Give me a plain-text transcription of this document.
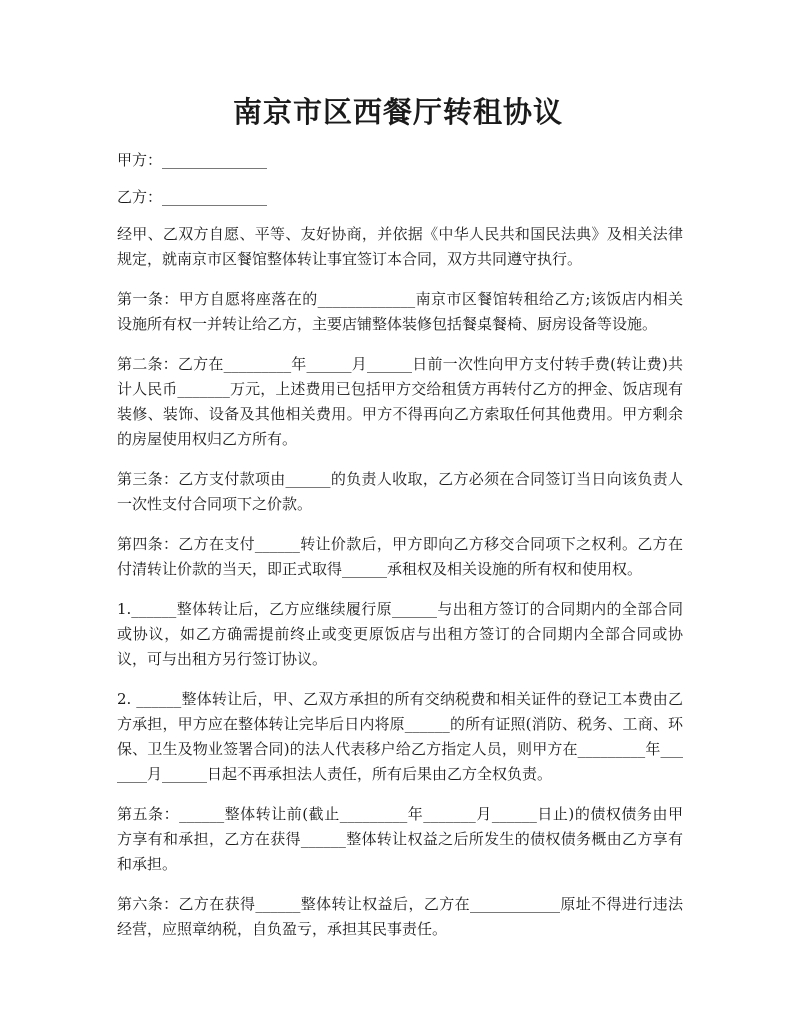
南京市区西餐厅转租协议

甲方：______________

乙方：______________

经甲、乙双方自愿、平等、友好协商，并依据《中华人民共和国民法典》及相关法律规定，就南京市区餐馆整体转让事宜签订本合同，双方共同遵守执行。

第一条：甲方自愿将座落在的_____________南京市区餐馆转租给乙方;该饭店内相关设施所有权一并转让给乙方，主要店铺整体装修包括餐桌餐椅、厨房设备等设施。

第二条：乙方在_________年______月______日前一次性向甲方支付转手费(转让费)共计人民币_______万元，上述费用已包括甲方交给租赁方再转付乙方的押金、饭店现有装修、装饰、设备及其他相关费用。甲方不得再向乙方索取任何其他费用。甲方剩余的房屋使用权归乙方所有。

第三条：乙方支付款项由______的负责人收取，乙方必须在合同签订当日向该负责人一次性支付合同项下之价款。

第四条：乙方在支付______转让价款后，甲方即向乙方移交合同项下之权利。乙方在付清转让价款的当天，即正式取得______承租权及相关设施的所有权和使用权。

1.______整体转让后，乙方应继续履行原______与出租方签订的合同期内的全部合同或协议，如乙方确需提前终止或变更原饭店与出租方签订的合同期内全部合同或协议，可与出租方另行签订协议。

2. ______整体转让后，甲、乙双方承担的所有交纳税费和相关证件的登记工本费由乙方承担，甲方应在整体转让完毕后日内将原______的所有证照(消防、税务、工商、环保、卫生及物业签署合同)的法人代表移户给乙方指定人员，则甲方在_________年_______月______日起不再承担法人责任，所有后果由乙方全权负责。

第五条：______整体转让前(截止_________年_______月______日止)的债权债务由甲方享有和承担，乙方在获得______整体转让权益之后所发生的债权债务概由乙方享有和承担。

第六条：乙方在获得______整体转让权益后，乙方在____________原址不得进行违法经营，应照章纳税，自负盈亏，承担其民事责任。
